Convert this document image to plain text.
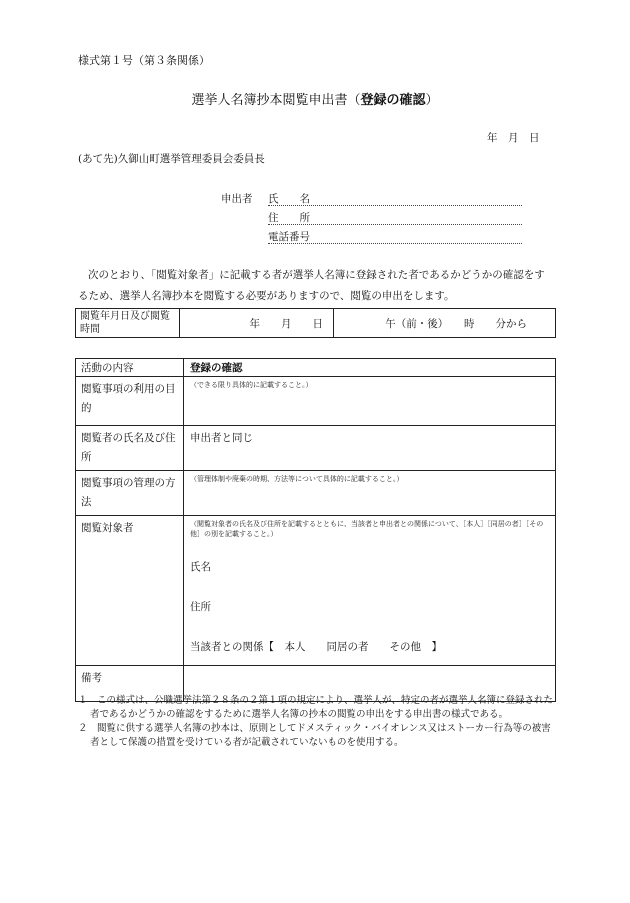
様式第１号（第３条関係）
選挙人名簿抄本閲覧申出書（登録の確認）
年　月　日
(あて先)久御山町選挙管理委員会委員長
申出者 氏　　名
住　　所
電話番号
次のとおり、「閲覧対象者」に記載する者が選挙人名簿に登録された者であるかどうかの確認をするため、選挙人名簿抄本を閲覧する必要がありますので、閲覧の申出をします。
閲覧年月日及び閲覧時間	年　　月　　日	午（前・後）　　時　　分から
活動の内容	登録の確認

閲覧事項の利用の目的	（できる限り具体的に記載すること。）

閲覧者の氏名及び住所	申出者と同じ

閲覧事項の管理の方法	（管理体制や廃棄の時期、方法等について具体的に記載すること。）

閲覧対象者	（閲覧対象者の氏名及び住所を記載するとともに、当該者と申出者との関係について、［本人］［同居の者］［その他］の別を記載すること。）
氏名
住所
当該者との関係【　本人　　同居の者　　その他　】

備考	

１　この様式は、公職選挙法第２８条の２第１項の規定により、選挙人が、特定の者が選挙人名簿に登録された者であるかどうかの確認をするために選挙人名簿の抄本の閲覧の申出をする申出書の様式である。

２　閲覧に供する選挙人名簿の抄本は、原則としてドメスティック・バイオレンス又はストーカー行為等の被害者として保護の措置を受けている者が記載されていないものを使用する。
